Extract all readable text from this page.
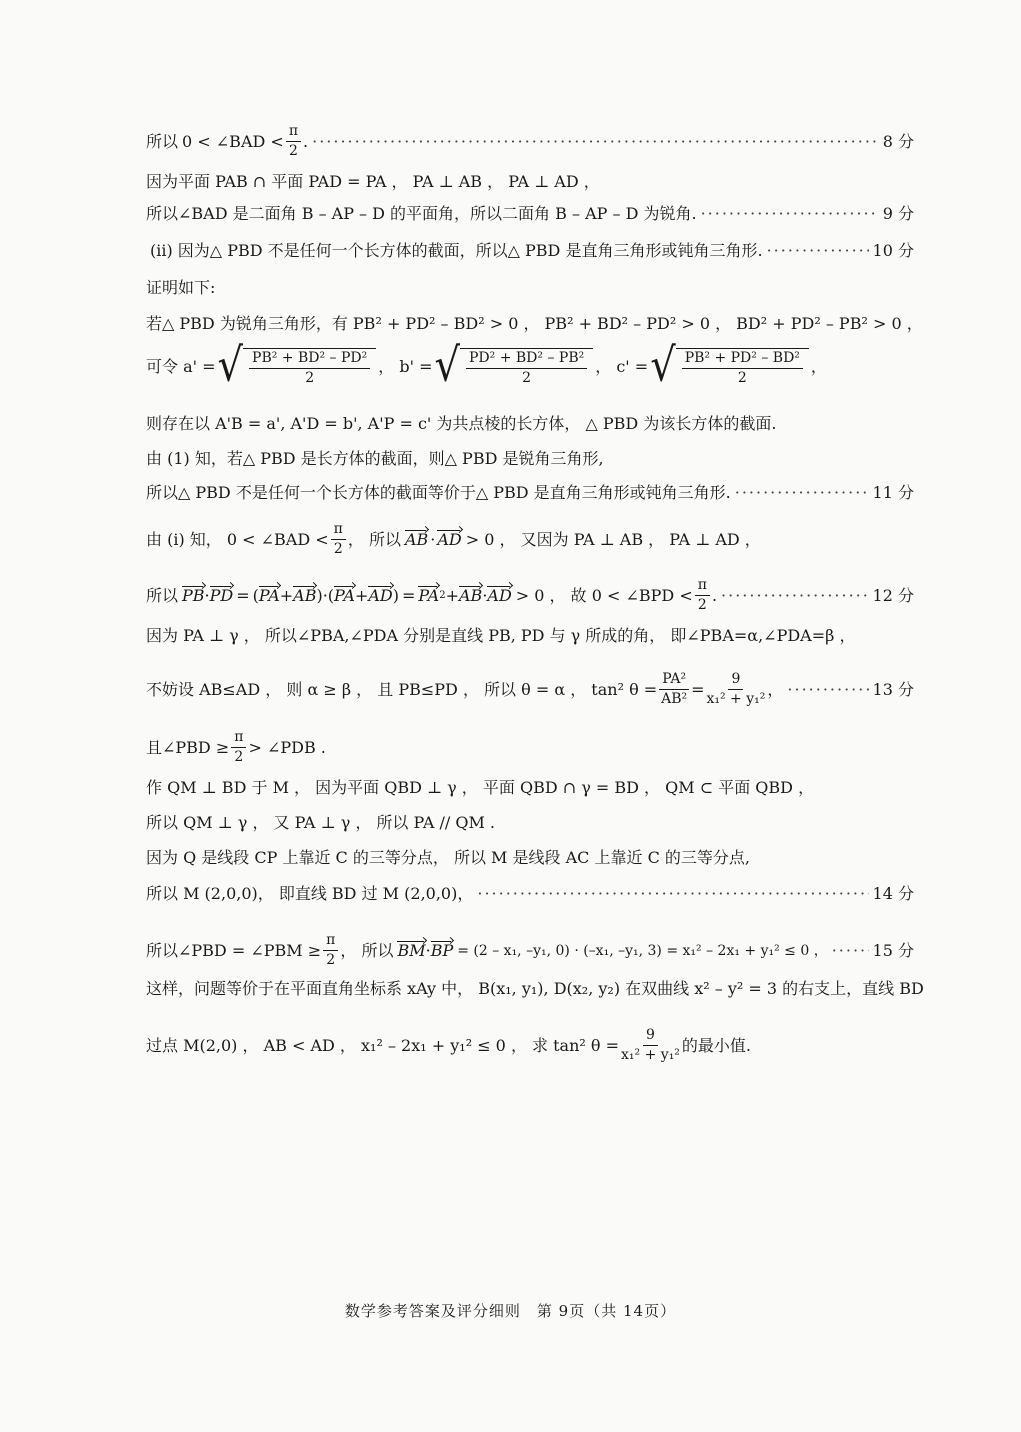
所以 0 < ∠BAD < $\frac{\pi}{2}$ . ·····	8 分
因为平面 PAB ∩ 平面 PAD = PA ， PA ⊥ AB ， PA ⊥ AD ，
所以∠BAD 是二面角 B – AP – D 的平面角，所以二面角 B – AP – D 为锐角. ·····	9 分
(ii) 因为△ PBD 不是任何一个长方体的截面，所以△ PBD 是直角三角形或钝角三角形. ·····	10 分
证明如下:
若△ PBD 为锐角三角形，有 PB² + PD² – BD² > 0 ， PB² + BD² – PD² > 0 ， BD² + PD² – PB² > 0 ，
可令 a' = √ $\frac{\text{PB² + BD² – PD²}}{2}$ ， b' = √ $\frac{\text{PD² + BD² – PB²}}{2}$ ， c' = √ $\frac{\text{PB² + PD² – BD²}}{2}$ ，
则存在以 A'B = a', A'D = b', A'P = c' 为共点棱的长方体， △ PBD 为该长方体的截面.
由 (1) 知，若△ PBD 是长方体的截面，则△ PBD 是锐角三角形,
所以△ PBD 不是任何一个长方体的截面等价于△ PBD 是直角三角形或钝角三角形. ·····	11 分
由 (i) 知， 0 < ∠BAD < $\frac{\pi}{2}$ ， 所以 AB · AD > 0 ， 又因为 PA ⊥ AB ， PA ⊥ AD ，
所以 PB · PD = ( PA + AB )·( PA + AD ) = PA 2 + AB · AD > 0 ， 故 0 < ∠BPD < $\frac{\pi}{2}$ . ·····	12 分
因为 PA ⊥ γ ， 所以∠PBA,∠PDA 分别是直线 PB, PD 与 γ 所成的角， 即∠PBA=α,∠PDA=β ，
不妨设 AB≤AD ， 则 α ≥ β ， 且 PB≤PD ， 所以 θ = α ， tan² $\theta = \frac{\text{PA²}}{\text{AB²}} = \frac{9}{\text{x₁² + y₁²}}$ ， ·····	13 分
且∠PBD ≥ $\frac{\pi}{2}$ > ∠PDB .
作 QM ⊥ BD 于 M ， 因为平面 QBD ⊥ γ ， 平面 QBD ∩ γ = BD ， QM ⊂ 平面 QBD ，
所以 QM ⊥ γ ， 又 PA ⊥ γ ， 所以 PA // QM .
因为 Q 是线段 CP 上靠近 C 的三等分点， 所以 M 是线段 AC 上靠近 C 的三等分点,
所以 M (2,0,0)， 即直线 BD 过 M (2,0,0)， ·····	14 分
所以∠PBD = ∠PBM ≥ $\frac{\pi}{2}$ ， 所以 BM · BP = (2 – x₁, –y₁, 0) · (–x₁, –y₁, 3) = x₁² – 2x₁ + y₁² ≤ 0 ， ·····	15 分
这样，问题等价于在平面直角坐标系 xAy 中， B(x₁, y₁), D(x₂, y₂) 在双曲线 x² – y² = 3 的右支上，直线 BD
过点 M(2,0) ， AB < AD ， x₁² – 2x₁ + y₁² ≤ 0 ， 求 tan² $\theta = \frac{9}{\text{x₁² + y₁²}}$ 的最小值.
数学参考答案及评分细则　第 9页（共 14页）
